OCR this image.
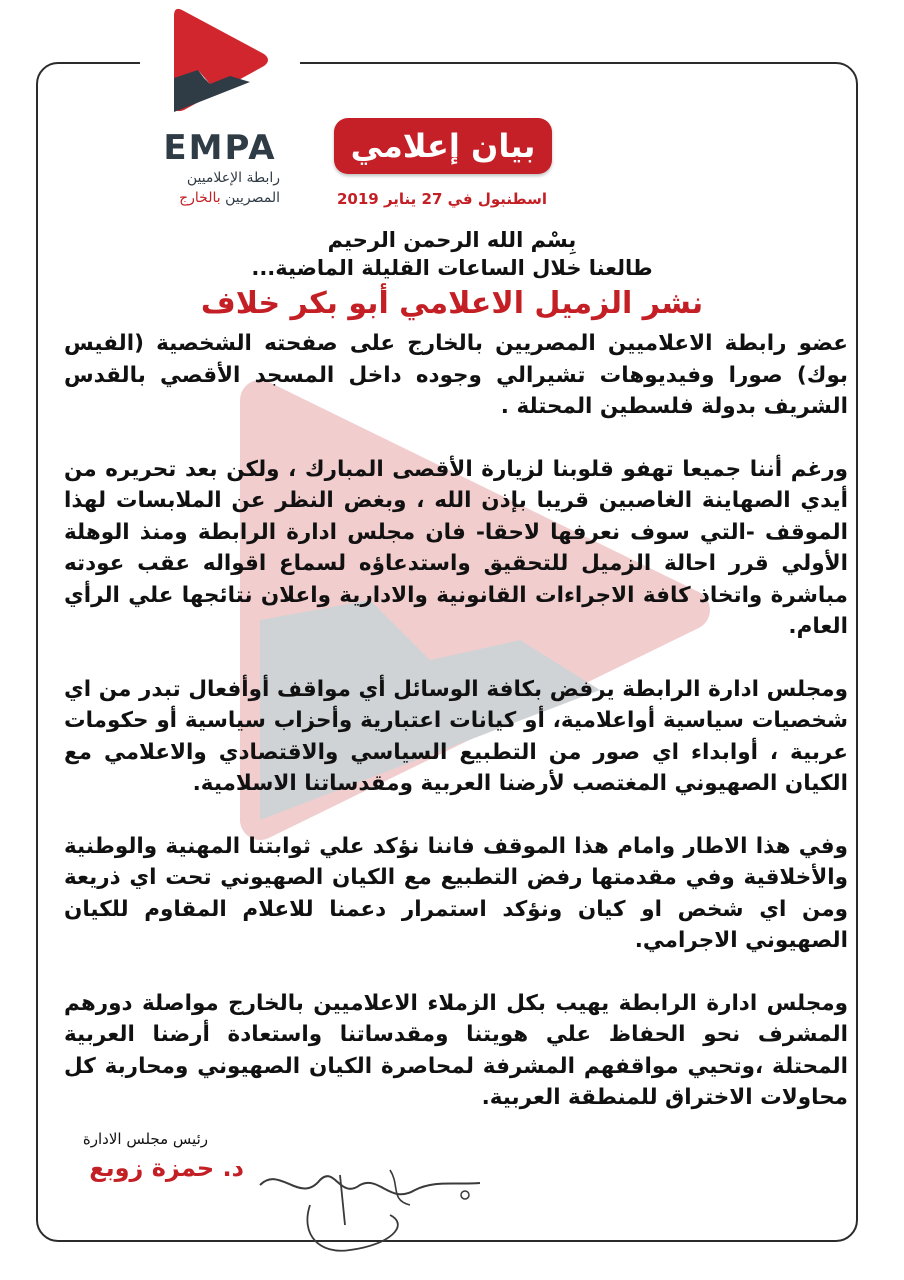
EMPA
رابطة الإعلاميين
المصريين بالخارج
بيان إعلامي
اسطنبول في 27 يناير 2019
بِسْم الله الرحمن الرحيم
طالعنا خلال الساعات القليلة الماضية...
نشر الزميل الاعلامي أبو بكر خلاف

عضو رابطة الاعلاميين المصريين بالخارج على صفحته الشخصية (الفيس بوك) صورا وفيديوهات تشيرالي وجوده داخل المسجد الأقصي بالقدس الشريف بدولة فلسطين المحتلة .

ورغم أننا جميعا تهفو قلوبنا لزيارة الأقصى المبارك ، ولكن بعد تحريره من أيدي الصهاينة الغاصبين قريبا بإذن الله ، وبغض النظر عن الملابسات لهذا الموقف -التي سوف نعرفها لاحقا- فان مجلس ادارة الرابطة ومنذ الوهلة الأولي قرر احالة الزميل للتحقيق واستدعاؤه لسماع اقواله عقب عودته مباشرة واتخاذ كافة الاجراءات القانونية والادارية واعلان نتائجها علي الرأي العام.

ومجلس ادارة الرابطة يرفض بكافة الوسائل أي مواقف أوأفعال تبدر من اي شخصيات سياسية أواعلامية، أو كيانات اعتبارية وأحزاب سياسية أو حكومات عربية ، أوابداء اي صور من التطبيع السياسي والاقتصادي والاعلامي مع الكيان الصهيوني المغتصب لأرضنا العربية ومقدساتنا الاسلامية.

وفي هذا الاطار وامام هذا الموقف فاننا نؤكد علي ثوابتنا المهنية والوطنية والأخلاقية وفي مقدمتها رفض التطبيع مع الكيان الصهيوني تحت اي ذريعة ومن اي شخص او كيان ونؤكد استمرار دعمنا للاعلام المقاوم للكيان الصهيوني الاجرامي.

ومجلس ادارة الرابطة يهيب بكل الزملاء الاعلاميين بالخارج مواصلة دورهم المشرف نحو الحفاظ علي هويتنا ومقدساتنا واستعادة أرضنا العربية المحتلة ،وتحيي مواقفهم المشرفة لمحاصرة الكيان الصهيوني ومحاربة كل محاولات الاختراق للمنطقة العربية.

رئيس مجلس الادارة
د. حمزة زوبع
